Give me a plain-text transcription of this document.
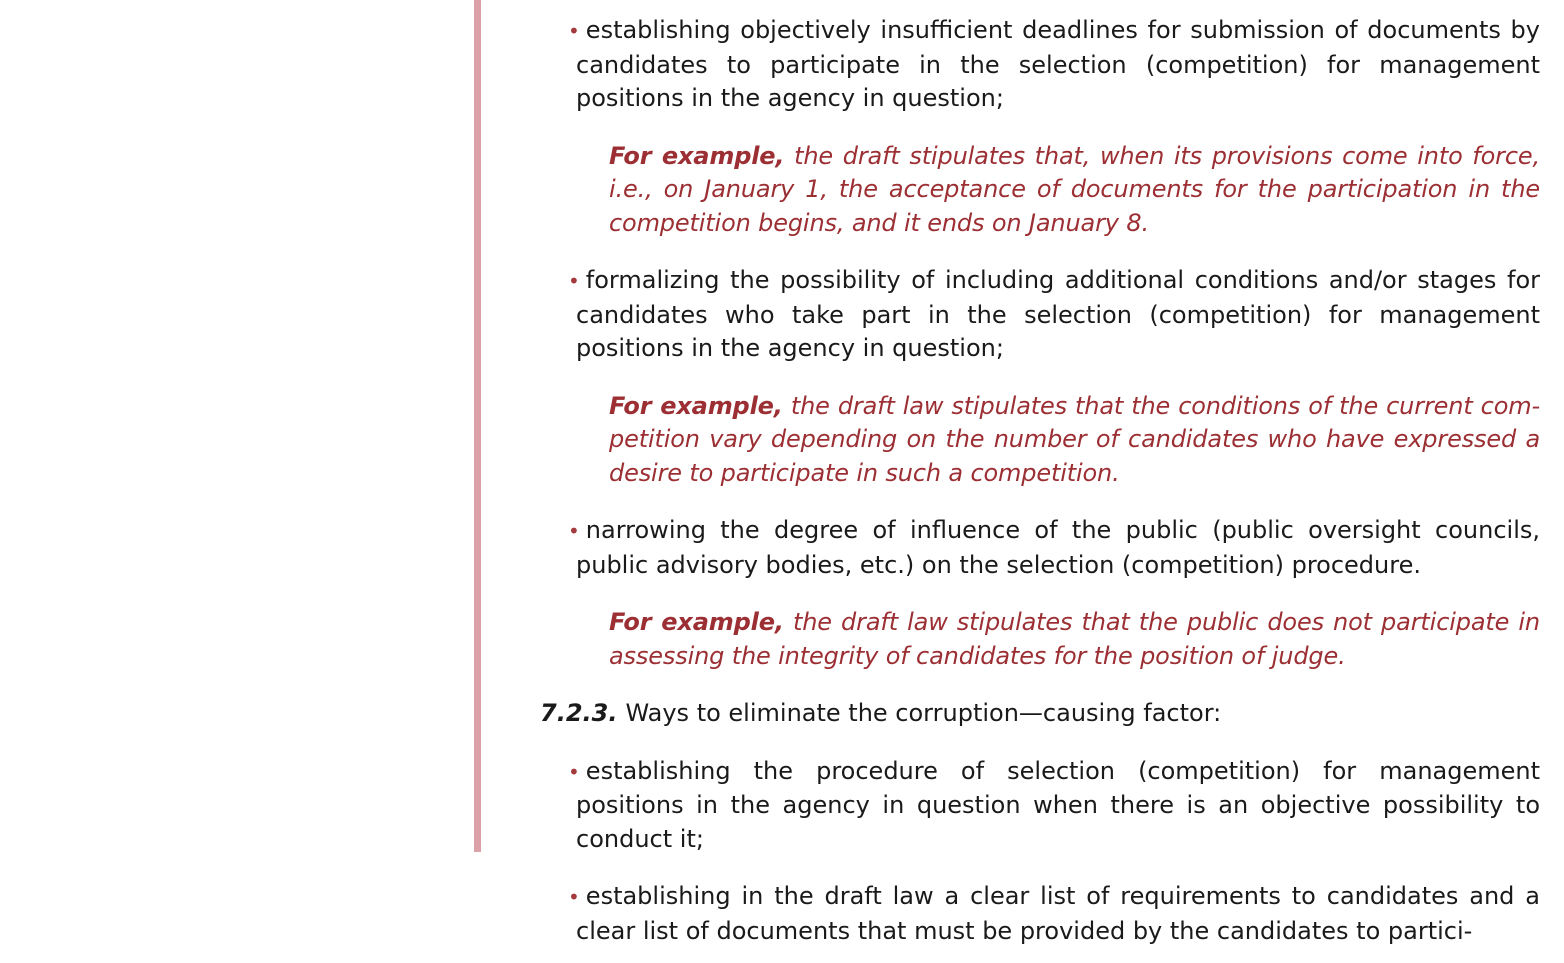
• establishing objectively insufficient deadlines for submission of documents by candidates to participate in the selection (competition) for management positions in the agency in question;

For example, the draft stipulates that, when its provisions come into force, i.e., on January 1, the acceptance of documents for the participation in the competition begins, and it ends on January 8.

• formalizing the possibility of including additional conditions and/or stages for candidates who take part in the selection (competition) for management positions in the agency in question;

For example, the draft law stipulates that the conditions of the current com-petition vary depending on the number of candidates who have expressed a desire to participate in such a competition.

• narrowing the degree of influence of the public (public oversight councils, public advisory bodies, etc.) on the selection (competition) procedure.

For example, the draft law stipulates that the public does not participate in assessing the integrity of candidates for the position of judge.

7.2.3. Ways to eliminate the corruption—causing factor:

• establishing the procedure of selection (competition) for management positions in the agency in question when there is an objective possibility to conduct it;

• establishing in the draft law a clear list of requirements to candidates and a clear list of documents that must be provided by the candidates to partici-
